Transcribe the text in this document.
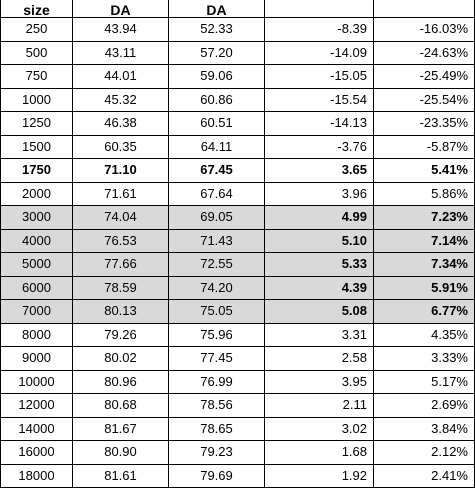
size	DA	DA		
250	43.94	52.33	-8.39	-16.03%
500	43.11	57.20	-14.09	-24.63%
750	44.01	59.06	-15.05	-25.49%
1000	45.32	60.86	-15.54	-25.54%
1250	46.38	60.51	-14.13	-23.35%
1500	60.35	64.11	-3.76	-5.87%
1750	71.10	67.45	3.65	5.41%
2000	71.61	67.64	3.96	5.86%
3000	74.04	69.05	4.99	7.23%
4000	76.53	71.43	5.10	7.14%
5000	77.66	72.55	5.33	7.34%
6000	78.59	74.20	4.39	5.91%
7000	80.13	75.05	5.08	6.77%
8000	79.26	75.96	3.31	4.35%
9000	80.02	77.45	2.58	3.33%
10000	80.96	76.99	3.95	5.17%
12000	80.68	78.56	2.11	2.69%
14000	81.67	78.65	3.02	3.84%
16000	80.90	79.23	1.68	2.12%
18000	81.61	79.69	1.92	2.41%
